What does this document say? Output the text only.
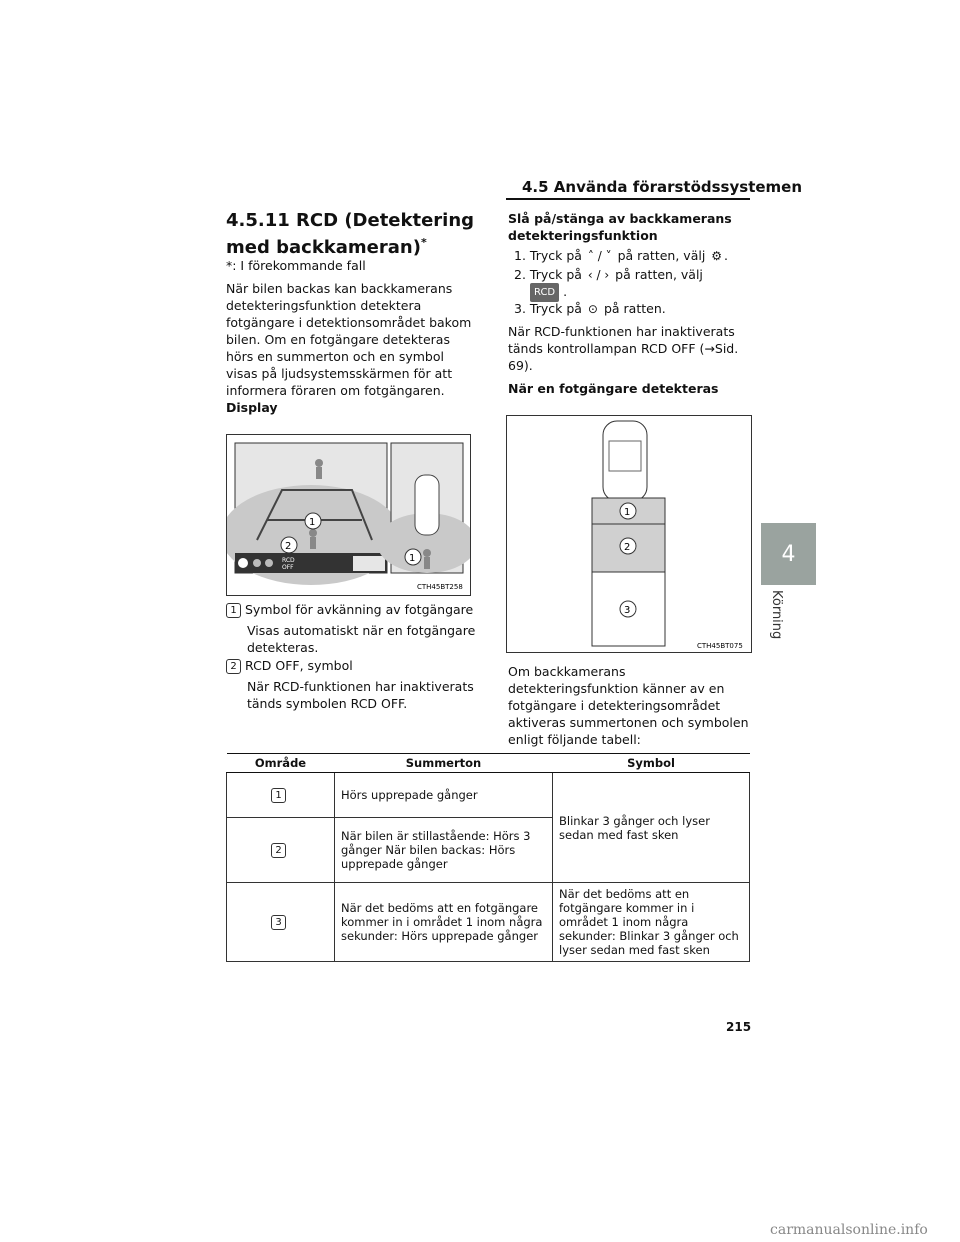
4.5 Använda förarstödssystemen
4
Körning
4.5.11 RCD (Detektering med backkameran)*

*: I förekommande fall

När bilen backas kan backkamerans detekteringsfunktion detektera fotgängare i detektionsområdet bakom bilen. Om en fotgängare detekteras hörs en summerton och en symbol visas på ljudsystemsskärmen för att informera föraren om fotgängaren.

Display

RCD
OFF
1
2
1
CTH45BT258

1 Symbol för avkänning av fotgängare

Visas automatiskt när en fotgängare detekteras.

2 RCD OFF, symbol

När RCD-funktionen har inaktiverats tänds symbolen RCD OFF.

Slå på/stänga av backkamerans detekteringsfunktion

1. Tryck på ˄ / ˅ på ratten, välj ⚙ .

2. Tryck på ‹ / › på ratten, välj

RCD .

3. Tryck på ⊙ på ratten.

När RCD-funktionen har inaktiverats tänds kontrollampan RCD OFF (→Sid. 69).

När en fotgängare detekteras

1
2
3
CTH45BT075

Om backkamerans detekteringsfunktion känner av en fotgängare i detekteringsområdet aktiveras summertonen och symbolen enligt följande tabell:

Område	Summerton	Symbol
1	Hörs upprepade gånger	Blinkar 3 gånger och lyser sedan med fast sken
2	När bilen är stillastående: Hörs 3 gånger När bilen backas: Hörs upprepade gånger	
3	När det bedöms att en fotgängare kommer in i området 1 inom några sekunder: Hörs upprepade gånger	När det bedöms att en fotgängare kommer in i området 1 inom några sekunder: Blinkar 3 gånger och lyser sedan med fast sken
215
carmanualsonline.info
